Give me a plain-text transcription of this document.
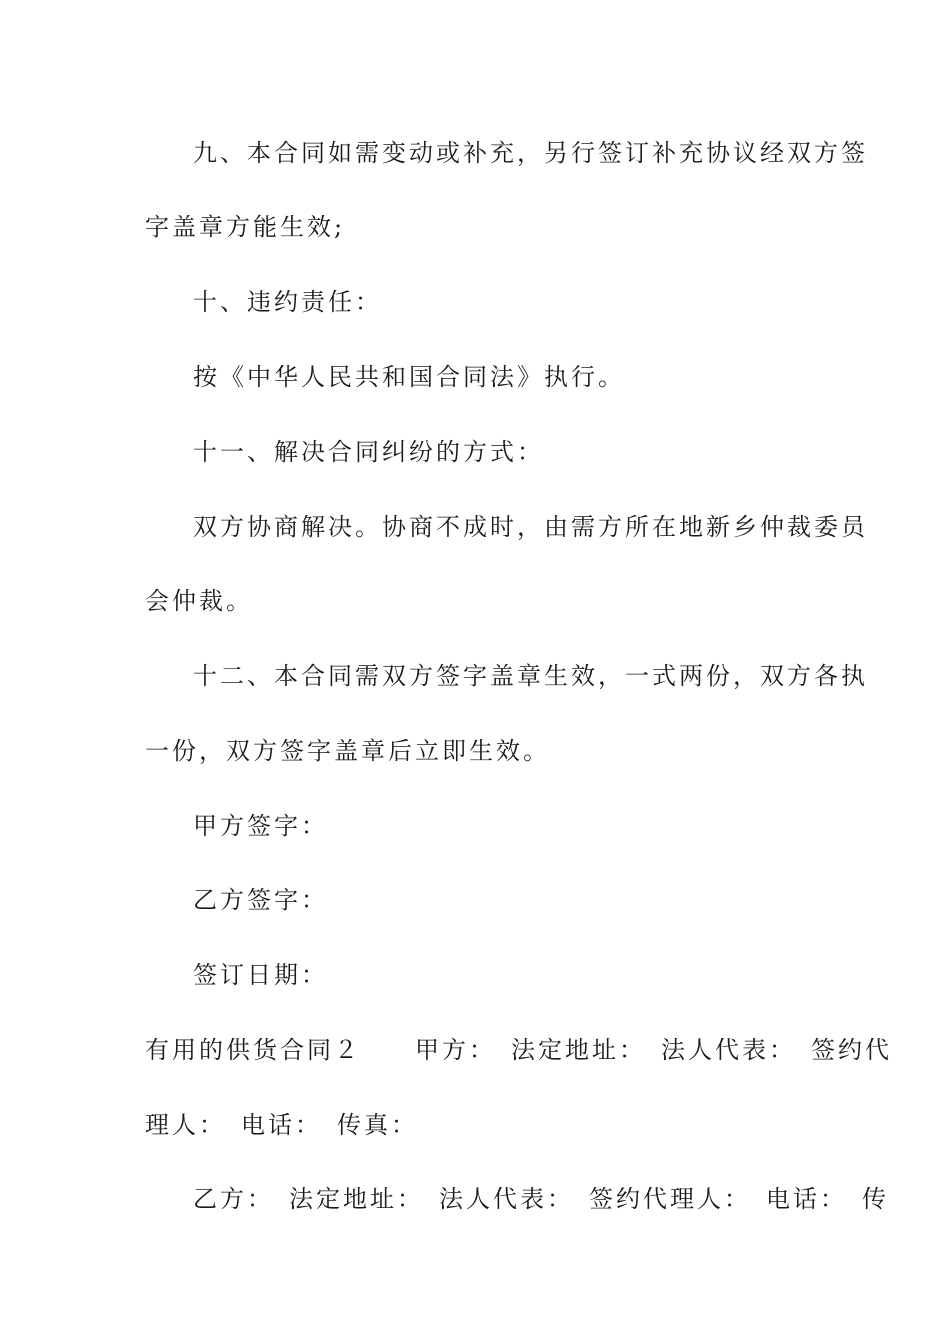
九、本合同如需变动或补充，另行签订补充协议经双方签
字盖章方能生效;
十、违约责任：
按《中华人民共和国合同法》执行。
十一、解决合同纠纷的方式：
双方协商解决。协商不成时，由需方所在地新乡仲裁委员
会仲裁。
十二、本合同需双方签字盖章生效，一式两份，双方各执
一份，双方签字盖章后立即生效。
甲方签字：
乙方签字：
签订日期：
有用的供货合同２　　甲方：　法定地址：　法人代表：　签约代
理人：　电话：　传真：
乙方：　法定地址：　法人代表：　签约代理人：　电话：　传
